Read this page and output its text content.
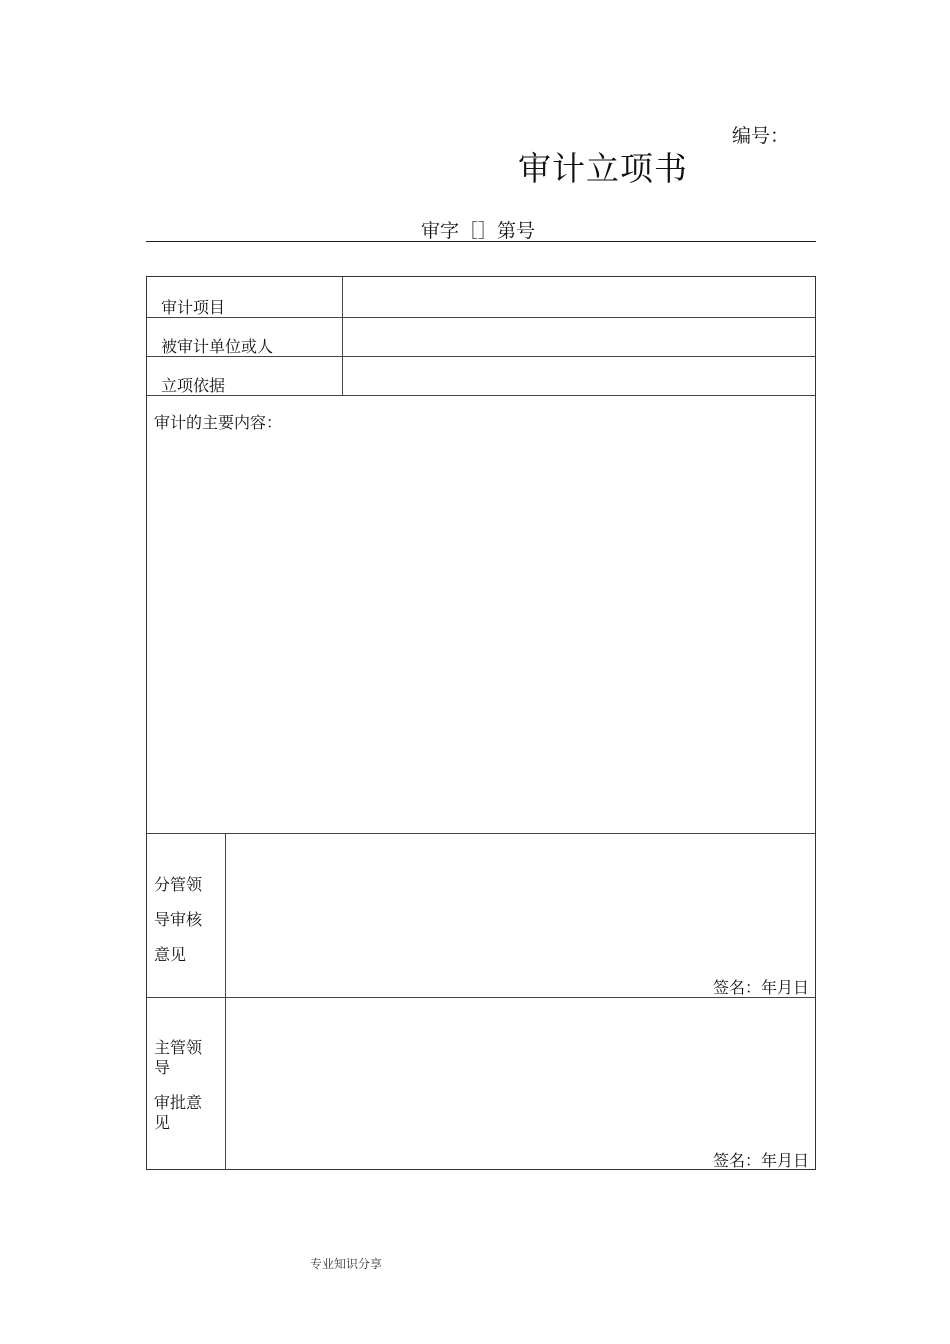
编号：
审计立项书
审字［］第号
审计项目
被审计单位或人
立项依据
审计的主要内容：
分管领
导审核
意见
签名：年月日
主管领
导
审批意
见
签名：年月日
专业知识分享
